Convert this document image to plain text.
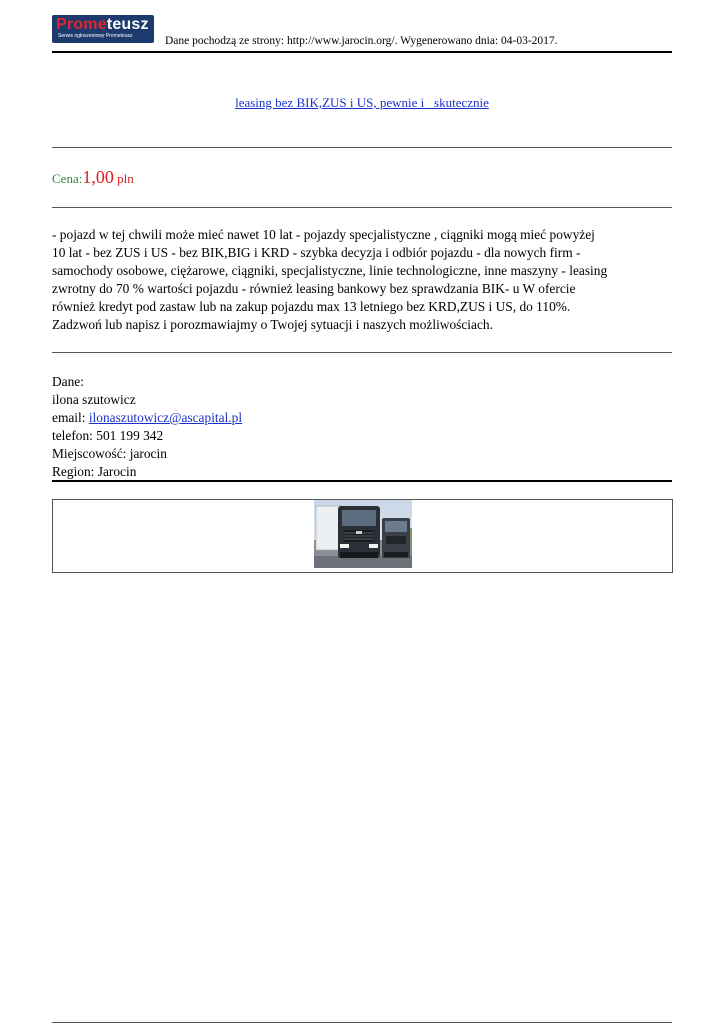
Prometeusz
Serwis ogłoszeniowy Prometeusz	Dane pochodzą ze strony: http://www.jarocin.org/. Wygenerowano dnia: 04-03-2017.
leasing bez BIK,ZUS i US, pewnie i   skutecznie
Cena:1,00 pln
- pojazd w tej chwili może mieć nawet 10 lat - pojazdy specjalistyczne , ciągniki mogą mieć powyżej
10 lat - bez ZUS i US - bez BIK,BIG i KRD - szybka decyzja i odbiór pojazdu - dla nowych firm -
samochody osobowe, ciężarowe, ciągniki, specjalistyczne, linie technologiczne, inne maszyny - leasing
zwrotny do 70 % wartości pojazdu - również leasing bankowy bez sprawdzania BIK- u W ofercie
również kredyt pod zastaw lub na zakup pojazdu max 13 letniego bez KRD,ZUS i US, do 110%.
Zadzwoń lub napisz i porozmawiajmy o Twojej sytuacji i naszych możliwościach.
Dane:
ilona szutowicz
email: ilonaszutowicz@ascapital.pl
telefon: 501 199 342
Miejscowość: jarocin
Region: Jarocin
